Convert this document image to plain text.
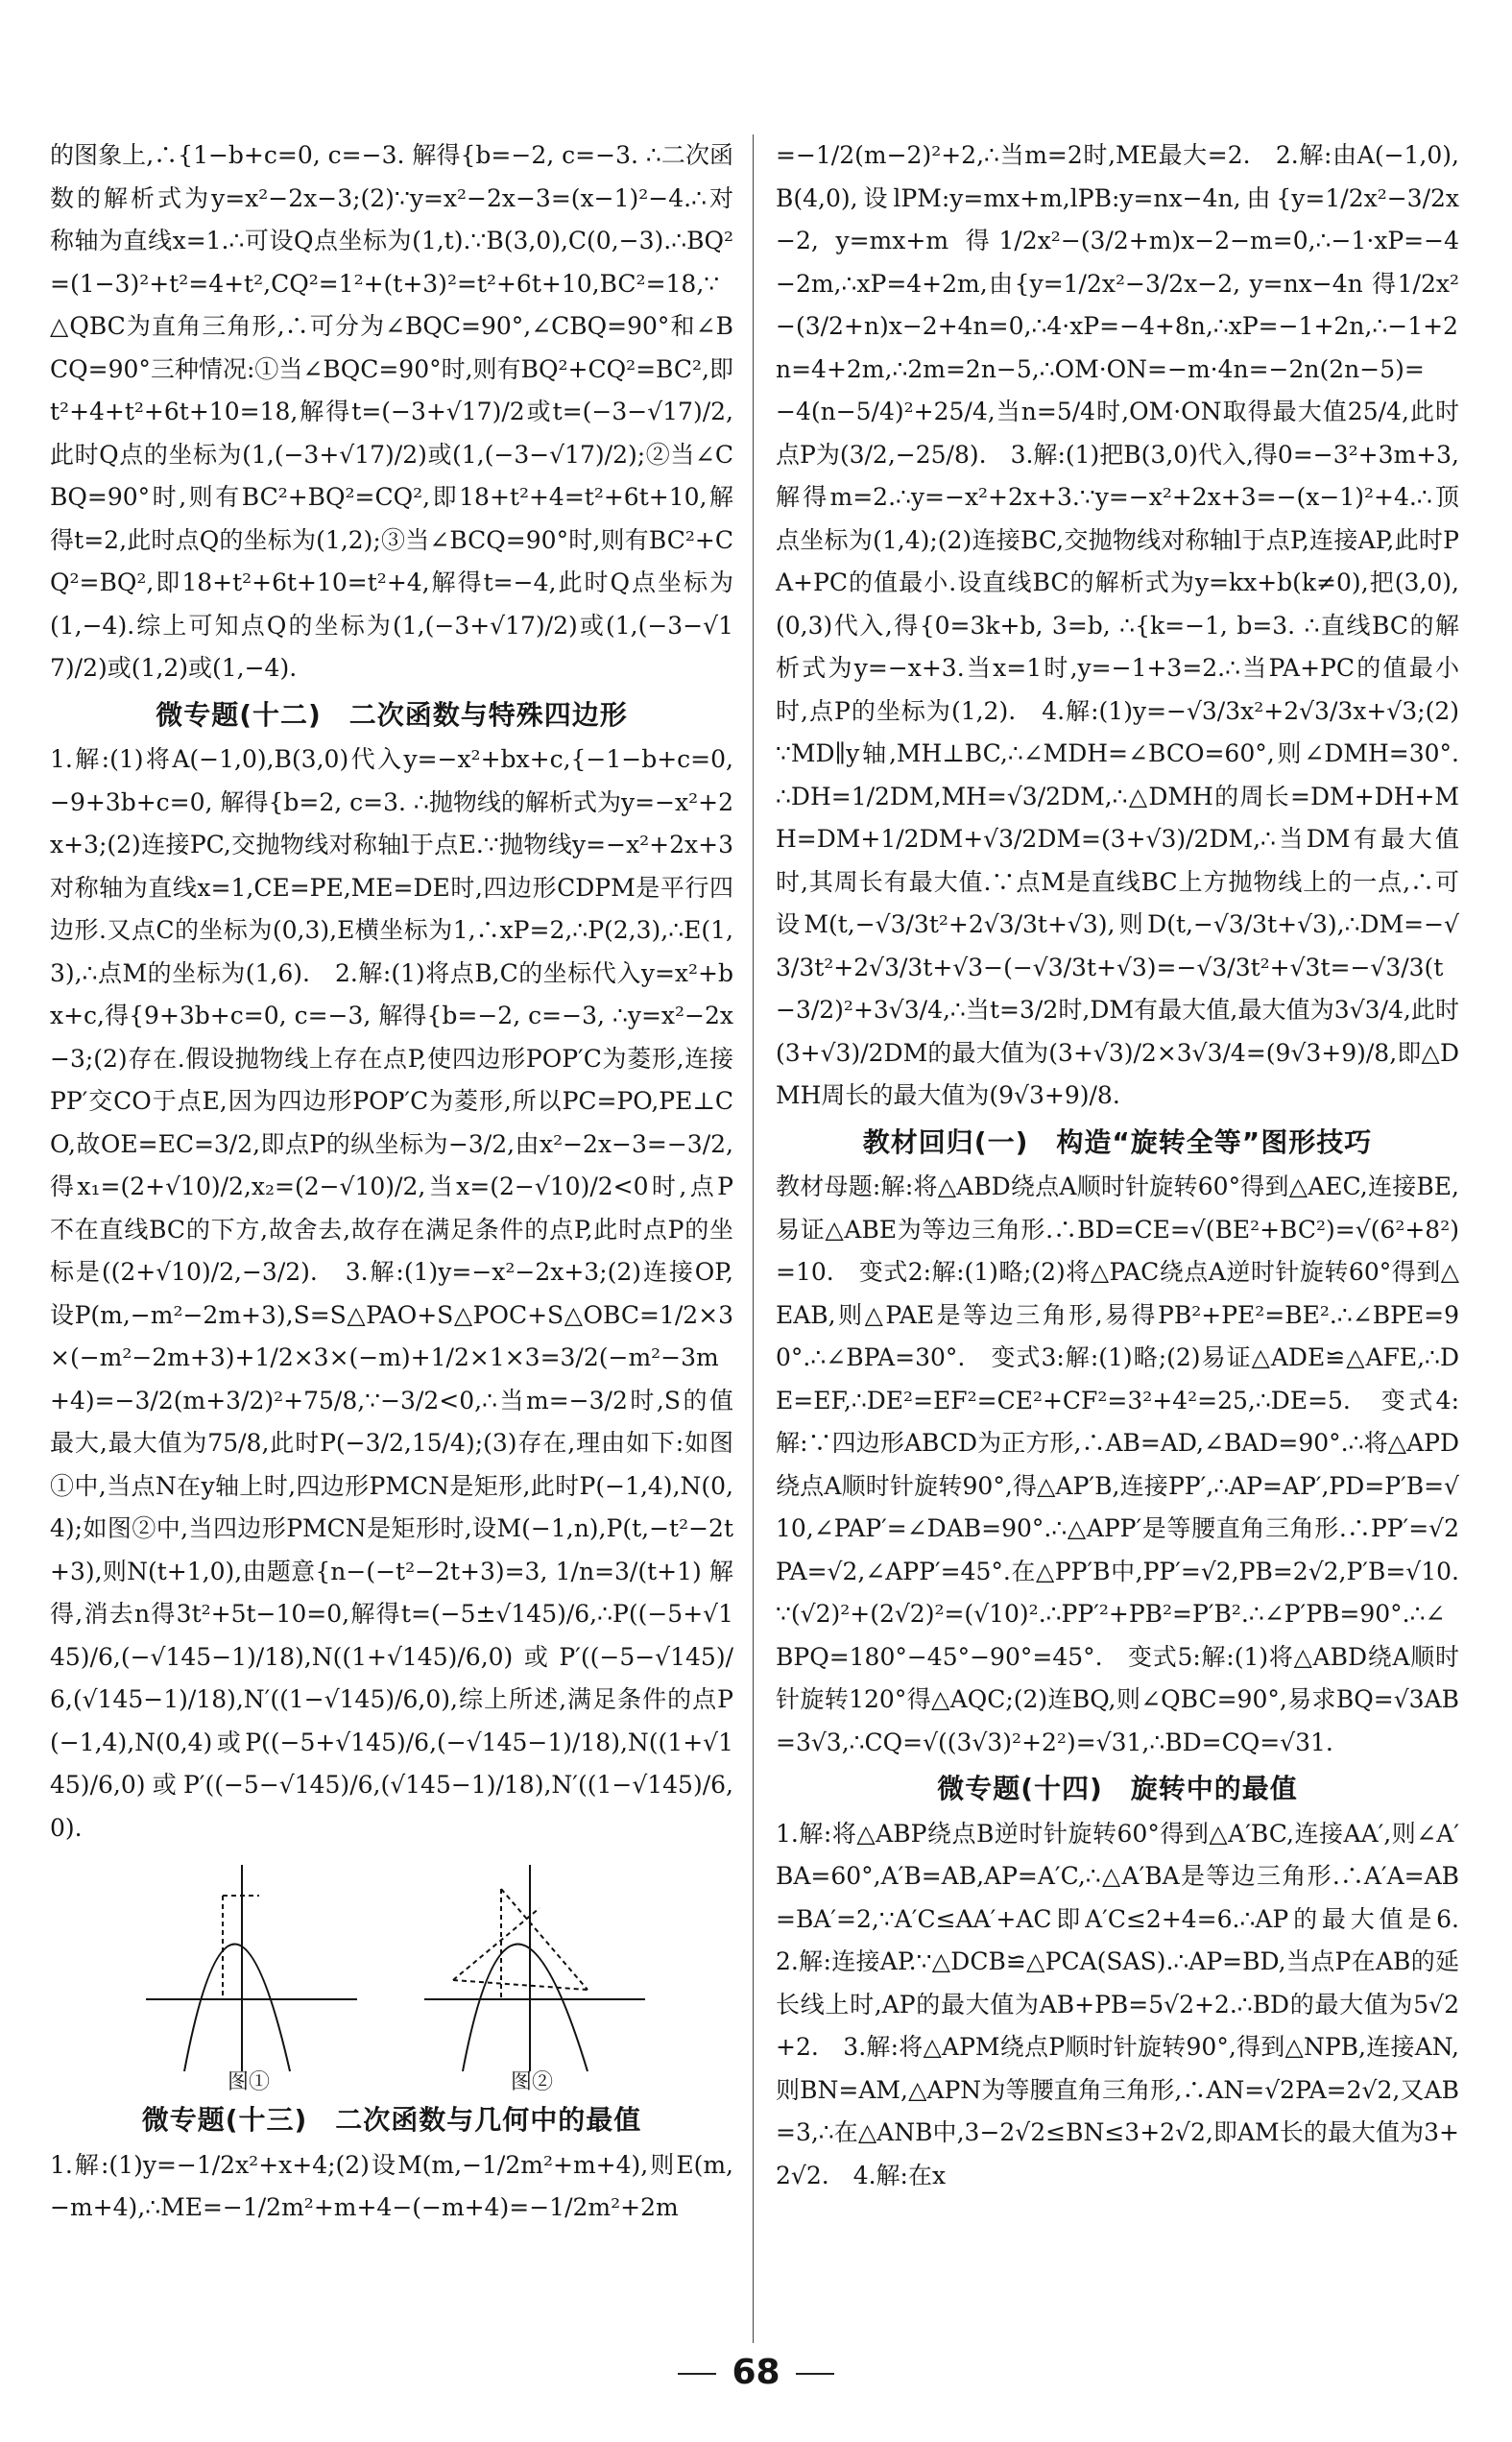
的图象上,∴{1−b+c=0, c=−3. 解得{b=−2, c=−3. ∴二次函数的解析式为y=x²−2x−3;(2)∵y=x²−2x−3=(x−1)²−4.∴对称轴为直线x=1.∴可设Q点坐标为(1,t).∵B(3,0),C(0,−3).∴BQ²=(1−3)²+t²=4+t²,CQ²=1²+(t+3)²=t²+6t+10,BC²=18,∵△QBC为直角三角形,∴可分为∠BQC=90°,∠CBQ=90°和∠BCQ=90°三种情况:①当∠BQC=90°时,则有BQ²+CQ²=BC²,即t²+4+t²+6t+10=18,解得t=(−3+√17)/2或t=(−3−√17)/2,此时Q点的坐标为(1,(−3+√17)/2)或(1,(−3−√17)/2);②当∠CBQ=90°时,则有BC²+BQ²=CQ²,即18+t²+4=t²+6t+10,解得t=2,此时点Q的坐标为(1,2);③当∠BCQ=90°时,则有BC²+CQ²=BQ²,即18+t²+6t+10=t²+4,解得t=−4,此时Q点坐标为(1,−4).综上可知点Q的坐标为(1,(−3+√17)/2)或(1,(−3−√17)/2)或(1,2)或(1,−4).

微专题(十二)　二次函数与特殊四边形

1.解:(1)将A(−1,0),B(3,0)代入y=−x²+bx+c,{−1−b+c=0, −9+3b+c=0, 解得{b=2, c=3. ∴抛物线的解析式为y=−x²+2x+3;(2)连接PC,交抛物线对称轴l于点E.∵抛物线y=−x²+2x+3对称轴为直线x=1,CE=PE,ME=DE时,四边形CDPM是平行四边形.又点C的坐标为(0,3),E横坐标为1,∴xP=2,∴P(2,3),∴E(1,3),∴点M的坐标为(1,6).　2.解:(1)将点B,C的坐标代入y=x²+bx+c,得{9+3b+c=0, c=−3, 解得{b=−2, c=−3, ∴y=x²−2x−3;(2)存在.假设抛物线上存在点P,使四边形POP′C为菱形,连接PP′交CO于点E,因为四边形POP′C为菱形,所以PC=PO,PE⊥CO,故OE=EC=3/2,即点P的纵坐标为−3/2,由x²−2x−3=−3/2,得x₁=(2+√10)/2,x₂=(2−√10)/2,当x=(2−√10)/2<0时,点P不在直线BC的下方,故舍去,故存在满足条件的点P,此时点P的坐标是((2+√10)/2,−3/2).　3.解:(1)y=−x²−2x+3;(2)连接OP,设P(m,−m²−2m+3),S=S△PAO+S△POC+S△OBC=1/2×3×(−m²−2m+3)+1/2×3×(−m)+1/2×1×3=3/2(−m²−3m+4)=−3/2(m+3/2)²+75/8,∵−3/2<0,∴当m=−3/2时,S的值最大,最大值为75/8,此时P(−3/2,15/4);(3)存在,理由如下:如图①中,当点N在y轴上时,四边形PMCN是矩形,此时P(−1,4),N(0,4);如图②中,当四边形PMCN是矩形时,设M(−1,n),P(t,−t²−2t+3),则N(t+1,0),由题意{n−(−t²−2t+3)=3, 1/n=3/(t+1) 解得,消去n得3t²+5t−10=0,解得t=(−5±√145)/6,∴P((−5+√145)/6,(−√145−1)/18),N((1+√145)/6,0)或P′((−5−√145)/6,(√145−1)/18),N′((1−√145)/6,0),综上所述,满足条件的点P(−1,4),N(0,4)或P((−5+√145)/6,(−√145−1)/18),N((1+√145)/6,0)或P′((−5−√145)/6,(√145−1)/18),N′((1−√145)/6,0).

图①	图②
微专题(十三)　二次函数与几何中的最值

1.解:(1)y=−1/2x²+x+4;(2)设M(m,−1/2m²+m+4),则E(m,−m+4),∴ME=−1/2m²+m+4−(−m+4)=−1/2m²+2m

=−1/2(m−2)²+2,∴当m=2时,ME最大=2.　2.解:由A(−1,0),B(4,0),设lPM:y=mx+m,lPB:y=nx−4n,由{y=1/2x²−3/2x−2, y=mx+m 得1/2x²−(3/2+m)x−2−m=0,∴−1·xP=−4−2m,∴xP=4+2m,由{y=1/2x²−3/2x−2, y=nx−4n 得1/2x²−(3/2+n)x−2+4n=0,∴4·xP=−4+8n,∴xP=−1+2n,∴−1+2n=4+2m,∴2m=2n−5,∴OM·ON=−m·4n=−2n(2n−5)=−4(n−5/4)²+25/4,当n=5/4时,OM·ON取得最大值25/4,此时点P为(3/2,−25/8).　3.解:(1)把B(3,0)代入,得0=−3²+3m+3,解得m=2.∴y=−x²+2x+3.∵y=−x²+2x+3=−(x−1)²+4.∴顶点坐标为(1,4);(2)连接BC,交抛物线对称轴l于点P,连接AP,此时PA+PC的值最小.设直线BC的解析式为y=kx+b(k≠0),把(3,0),(0,3)代入,得{0=3k+b, 3=b, ∴{k=−1, b=3. ∴直线BC的解析式为y=−x+3.当x=1时,y=−1+3=2.∴当PA+PC的值最小时,点P的坐标为(1,2).　4.解:(1)y=−√3/3x²+2√3/3x+√3;(2)∵MD∥y轴,MH⊥BC,∴∠MDH=∠BCO=60°,则∠DMH=30°.∴DH=1/2DM,MH=√3/2DM,∴△DMH的周长=DM+DH+MH=DM+1/2DM+√3/2DM=(3+√3)/2DM,∴当DM有最大值时,其周长有最大值.∵点M是直线BC上方抛物线上的一点,∴可设M(t,−√3/3t²+2√3/3t+√3),则D(t,−√3/3t+√3),∴DM=−√3/3t²+2√3/3t+√3−(−√3/3t+√3)=−√3/3t²+√3t=−√3/3(t−3/2)²+3√3/4,∴当t=3/2时,DM有最大值,最大值为3√3/4,此时(3+√3)/2DM的最大值为(3+√3)/2×3√3/4=(9√3+9)/8,即△DMH周长的最大值为(9√3+9)/8.

教材回归(一)　构造“旋转全等”图形技巧

教材母题:解:将△ABD绕点A顺时针旋转60°得到△AEC,连接BE,易证△ABE为等边三角形.∴BD=CE=√(BE²+BC²)=√(6²+8²)=10.　变式2:解:(1)略;(2)将△PAC绕点A逆时针旋转60°得到△EAB,则△PAE是等边三角形,易得PB²+PE²=BE².∴∠BPE=90°.∴∠BPA=30°.　变式3:解:(1)略;(2)易证△ADE≌△AFE,∴DE=EF,∴DE²=EF²=CE²+CF²=3²+4²=25,∴DE=5.　变式4:解:∵四边形ABCD为正方形,∴AB=AD,∠BAD=90°.∴将△APD绕点A顺时针旋转90°,得△AP′B,连接PP′,∴AP=AP′,PD=P′B=√10,∠PAP′=∠DAB=90°.∴△APP′是等腰直角三角形.∴PP′=√2PA=√2,∠APP′=45°.在△PP′B中,PP′=√2,PB=2√2,P′B=√10.∵(√2)²+(2√2)²=(√10)².∴PP′²+PB²=P′B².∴∠P′PB=90°.∴∠BPQ=180°−45°−90°=45°.　变式5:解:(1)将△ABD绕A顺时针旋转120°得△AQC;(2)连BQ,则∠QBC=90°,易求BQ=√3AB=3√3,∴CQ=√((3√3)²+2²)=√31,∴BD=CQ=√31.

微专题(十四)　旋转中的最值

1.解:将△ABP绕点B逆时针旋转60°得到△A′BC,连接AA′,则∠A′BA=60°,A′B=AB,AP=A′C,∴△A′BA是等边三角形.∴A′A=AB=BA′=2,∵A′C≤AA′+AC即A′C≤2+4=6.∴AP的最大值是6.　2.解:连接AP.∵△DCB≌△PCA(SAS).∴AP=BD,当点P在AB的延长线上时,AP的最大值为AB+PB=5√2+2.∴BD的最大值为5√2+2.　3.解:将△APM绕点P顺时针旋转90°,得到△NPB,连接AN,则BN=AM,△APN为等腰直角三角形,∴AN=√2PA=2√2,又AB=3,∴在△ANB中,3−2√2≤BN≤3+2√2,即AM长的最大值为3+2√2.　4.解:在x

68
